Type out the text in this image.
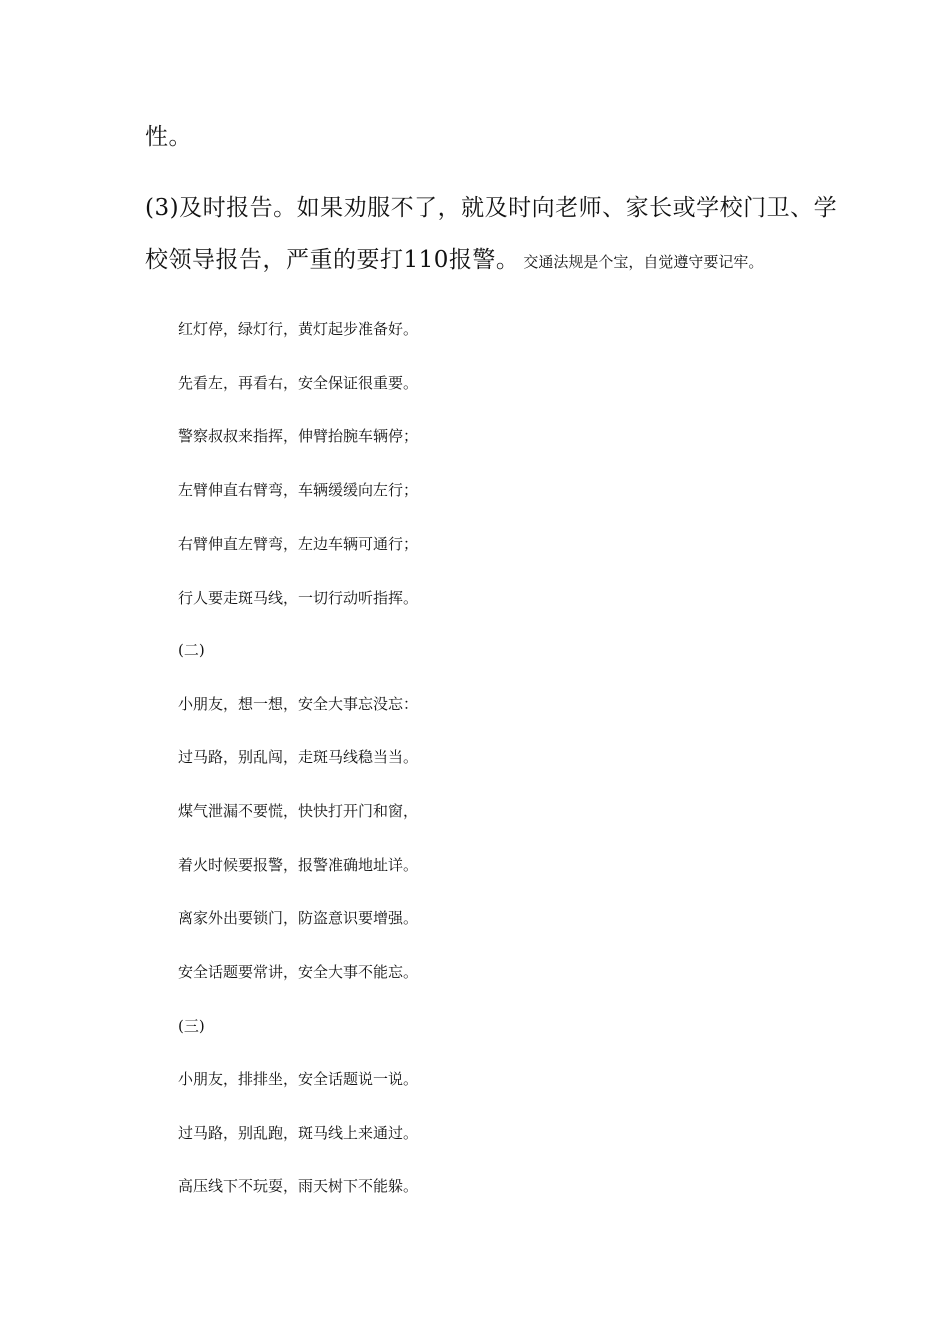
性。
(3)及时报告。如果劝服不了，就及时向老师、家长或学校门卫、学
校领导报告，严重的要打110报警。 交通法规是个宝，自觉遵守要记牢。
红灯停，绿灯行，黄灯起步准备好。
先看左，再看右，安全保证很重要。
警察叔叔来指挥，伸臂抬腕车辆停；
左臂伸直右臂弯，车辆缓缓向左行；
右臂伸直左臂弯，左边车辆可通行；
行人要走斑马线，一切行动听指挥。
(二)
小朋友，想一想，安全大事忘没忘：
过马路，别乱闯，走斑马线稳当当。
煤气泄漏不要慌，快快打开门和窗，
着火时候要报警，报警准确地址详。
离家外出要锁门，防盗意识要增强。
安全话题要常讲，安全大事不能忘。
(三)
小朋友，排排坐，安全话题说一说。
过马路，别乱跑，斑马线上来通过。
高压线下不玩耍，雨天树下不能躲。
